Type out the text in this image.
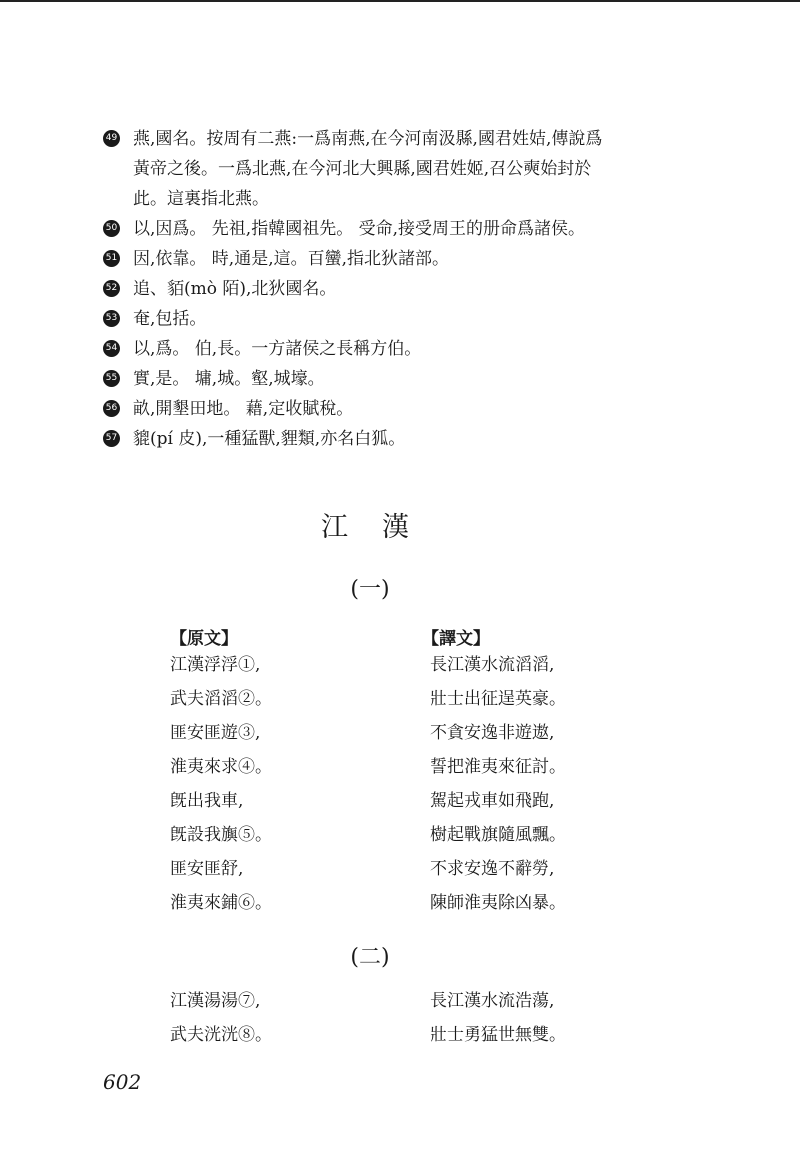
49 燕,國名。按周有二燕:一爲南燕,在今河南汲縣,國君姓姞,傳說爲
黃帝之後。一爲北燕,在今河北大興縣,國君姓姬,召公奭始封於
此。這裏指北燕。
50 以,因爲。 先祖,指韓國祖先。 受命,接受周王的册命爲諸侯。
51 因,依靠。 時,通是,這。百蠻,指北狄諸部。
52 追、貊(mò 陌),北狄國名。
53 奄,包括。
54 以,爲。 伯,長。一方諸侯之長稱方伯。
55 實,是。 墉,城。壑,城壕。
56 畝,開墾田地。 藉,定收賦稅。
57 貔(pí 皮),一種猛獸,貍類,亦名白狐。
江漢
(一)
【原文】	【譯文】
江漢浮浮①,
武夫滔滔②。
匪安匪遊③,
淮夷來求④。
旣出我車,
旣設我旟⑤。
匪安匪舒,
淮夷來鋪⑥。
長江漢水流滔滔,
壯士出征逞英豪。
不貪安逸非遊遨,
誓把淮夷來征討。
駕起戎車如飛跑,
樹起戰旗隨風飄。
不求安逸不辭勞,
陳師淮夷除凶暴。
(二)
江漢湯湯⑦,
武夫洸洸⑧。
長江漢水流浩蕩,
壯士勇猛世無雙。
602
